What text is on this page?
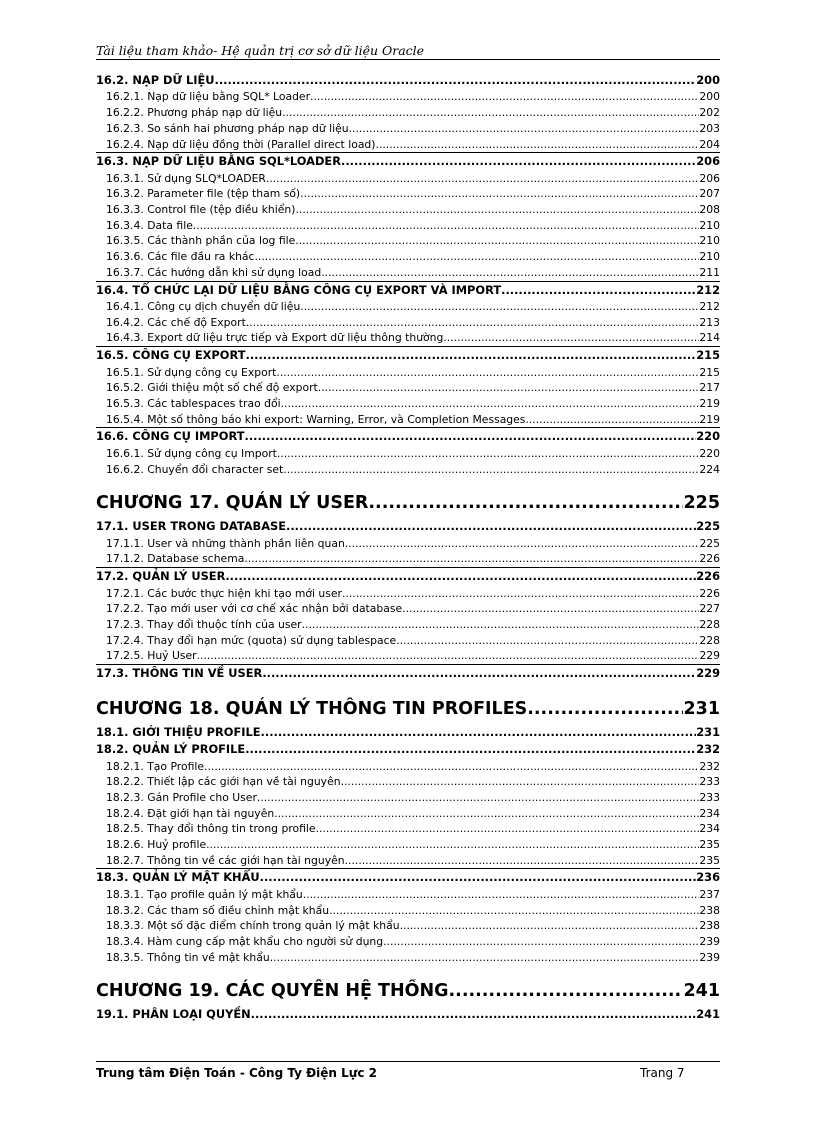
Tài liệu tham khảo- Hệ quản trị cơ sở dữ liệu Oracle
16.2. NẠP DỮ LIỆU .....	200
16.2.1. Nạp dữ liệu bằng SQL* Loader .....	200
16.2.2. Phương pháp nạp dữ liệu .....	202
16.2.3. So sánh hai phương pháp nạp dữ liệu .....	203
16.2.4. Nạp dữ liệu đồng thời (Parallel direct load) .....	204
16.3. NẠP DỮ LIỆU BẰNG SQL*LOADER .....	206
16.3.1. Sử dụng SLQ*LOADER .....	206
16.3.2. Parameter file (tệp tham số) .....	207
16.3.3. Control file (tệp điều khiển) .....	208
16.3.4. Data file .....	210
16.3.5. Các thành phần của log file .....	210
16.3.6. Các file đầu ra khác .....	210
16.3.7. Các hướng dẫn khi sử dụng load .....	211
16.4. TỔ CHỨC LẠI DỮ LIỆU BẰNG CÔNG CỤ EXPORT VÀ IMPORT .....	212
16.4.1. Công cụ dịch chuyển dữ liệu .....	212
16.4.2. Các chế độ Export .....	213
16.4.3. Export dữ liệu trực tiếp và Export dữ liệu thông thường .....	214
16.5. CÔNG CỤ EXPORT .....	215
16.5.1. Sử dụng công cụ Export .....	215
16.5.2. Giới thiệu một số chế độ export .....	217
16.5.3. Các tablespaces trao đổi .....	219
16.5.4. Một số thông báo khi export: Warning, Error, và Completion Messages .....	219
16.6. CÔNG CỤ IMPORT .....	220
16.6.1. Sử dụng công cụ Import .....	220
16.6.2. Chuyển đổi character set .....	224
CHƯƠNG 17. QUẢN LÝ USER .....	225
17.1. USER TRONG DATABASE .....	225
17.1.1. User và những thành phần liên quan .....	225
17.1.2. Database schema .....	226
17.2. QUẢN LÝ USER .....	226
17.2.1. Các bước thực hiện khi tạo mới user .....	226
17.2.2. Tạo mới user với cơ chế xác nhận bởi database .....	227
17.2.3. Thay đổi thuộc tính của user .....	228
17.2.4. Thay đổi hạn mức (quota) sử dụng tablespace .....	228
17.2.5. Huỷ User .....	229
17.3. THÔNG TIN VỀ USER .....	229
CHƯƠNG 18. QUẢN LÝ THÔNG TIN PROFILES .....	231
18.1. GIỚI THIỆU PROFILE .....	231
18.2. QUẢN LÝ PROFILE .....	232
18.2.1. Tạo Profile .....	232
18.2.2. Thiết lập các giới hạn về tài nguyên .....	233
18.2.3. Gán Profile cho User .....	233
18.2.4. Đặt giới hạn tài nguyên .....	234
18.2.5. Thay đổi thông tin trong profile .....	234
18.2.6. Huỷ profile .....	235
18.2.7. Thông tin về các giới hạn tài nguyên .....	235
18.3. QUẢN LÝ MẬT KHẨU .....	236
18.3.1. Tạo profile quản lý mật khẩu .....	237
18.3.2. Các tham số điều chỉnh mật khẩu .....	238
18.3.3. Một số đặc điểm chính trong quản lý mật khẩu .....	238
18.3.4. Hàm cung cấp mật khẩu cho người sử dụng .....	239
18.3.5. Thông tin về mật khẩu .....	239
CHƯƠNG 19. CÁC QUYỀN HỆ THỐNG .....	241
19.1. PHÂN LOẠI QUYỀN .....	241
Trung tâm Điện Toán - Công Ty Điện Lực 2	Trang 7
